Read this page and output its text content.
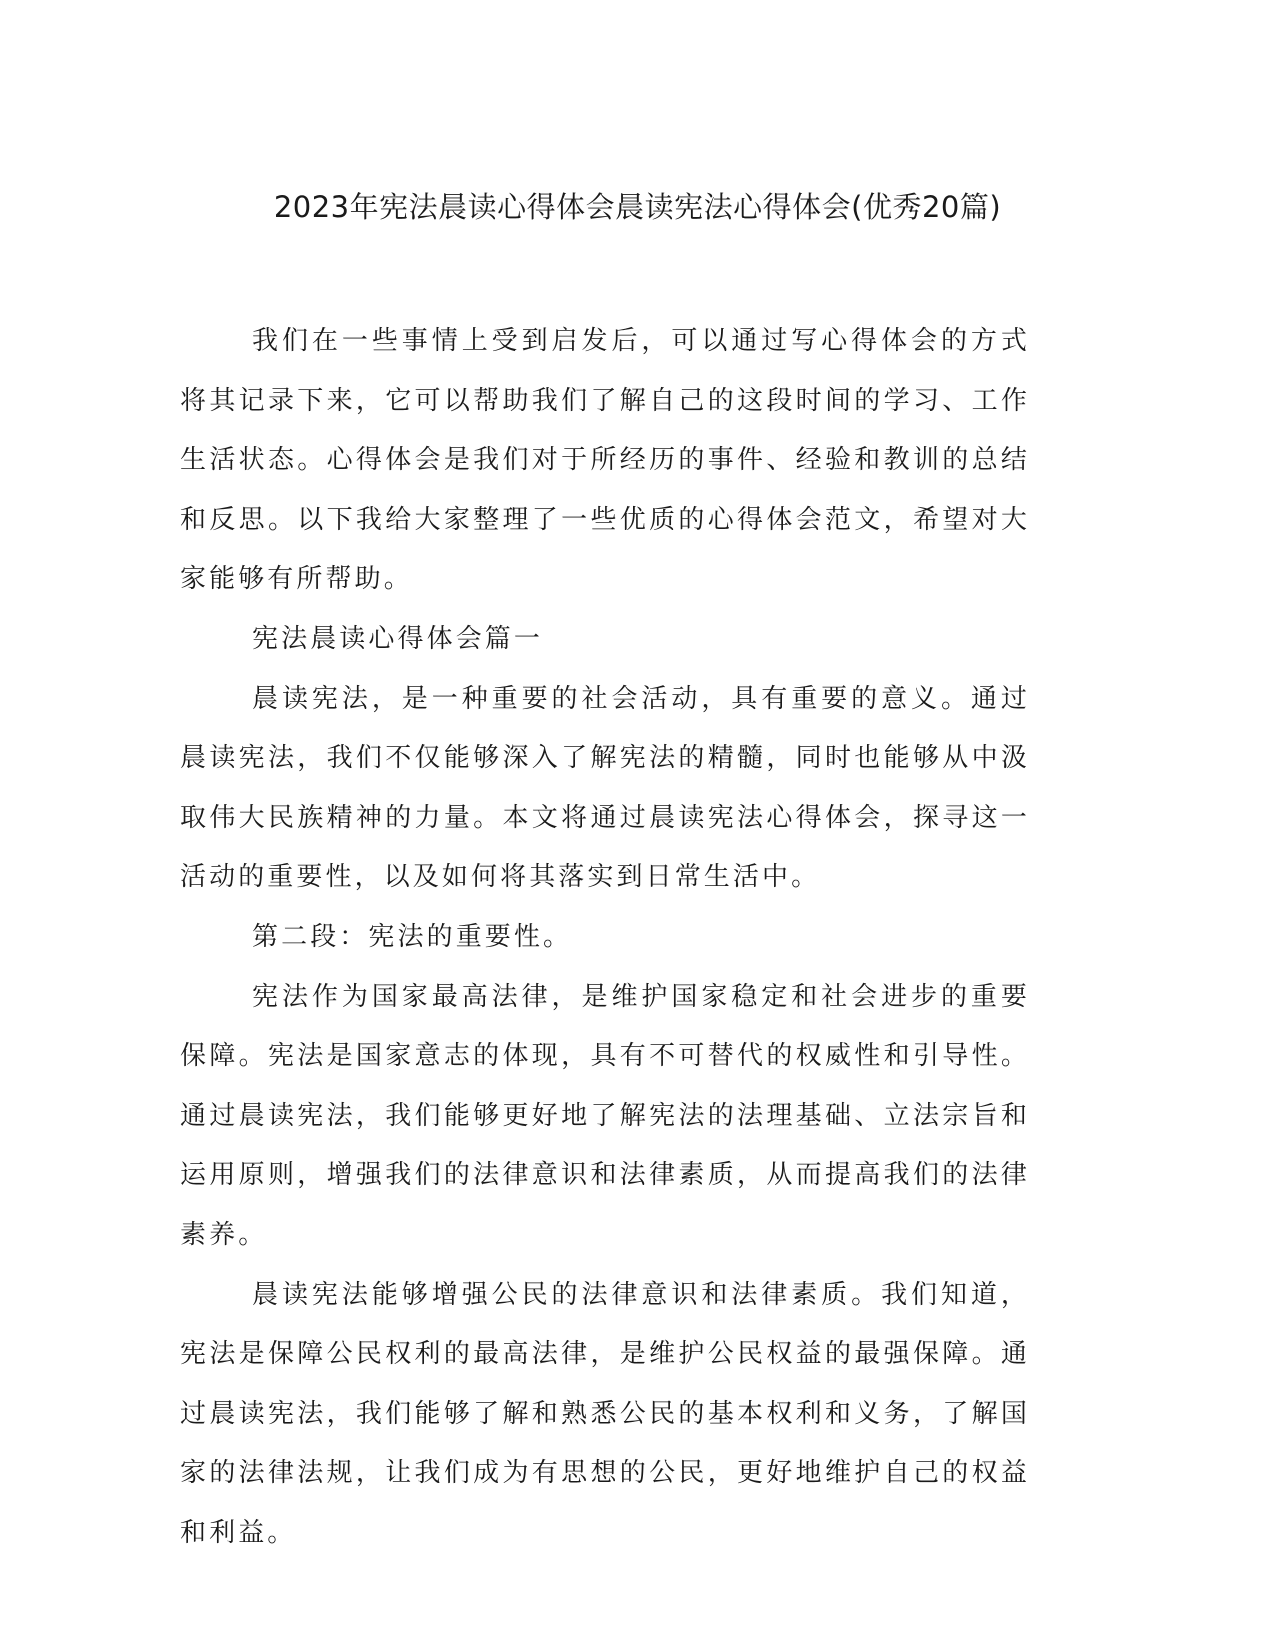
2023年宪法晨读心得体会晨读宪法心得体会(优秀20篇)

我们在一些事情上受到启发后，可以通过写心得体会的方式将其记录下来，它可以帮助我们了解自己的这段时间的学习、工作生活状态。心得体会是我们对于所经历的事件、经验和教训的总结和反思。以下我给大家整理了一些优质的心得体会范文，希望对大家能够有所帮助。

宪法晨读心得体会篇一

晨读宪法，是一种重要的社会活动，具有重要的意义。通过晨读宪法，我们不仅能够深入了解宪法的精髓，同时也能够从中汲取伟大民族精神的力量。本文将通过晨读宪法心得体会，探寻这一活动的重要性，以及如何将其落实到日常生活中。

第二段：宪法的重要性。

宪法作为国家最高法律，是维护国家稳定和社会进步的重要保障。宪法是国家意志的体现，具有不可替代的权威性和引导性。通过晨读宪法，我们能够更好地了解宪法的法理基础、立法宗旨和运用原则，增强我们的法律意识和法律素质，从而提高我们的法律素养。

晨读宪法能够增强公民的法律意识和法律素质。我们知道，宪法是保障公民权利的最高法律，是维护公民权益的最强保障。通过晨读宪法，我们能够了解和熟悉公民的基本权利和义务，了解国家的法律法规，让我们成为有思想的公民，更好地维护自己的权益和利益。
